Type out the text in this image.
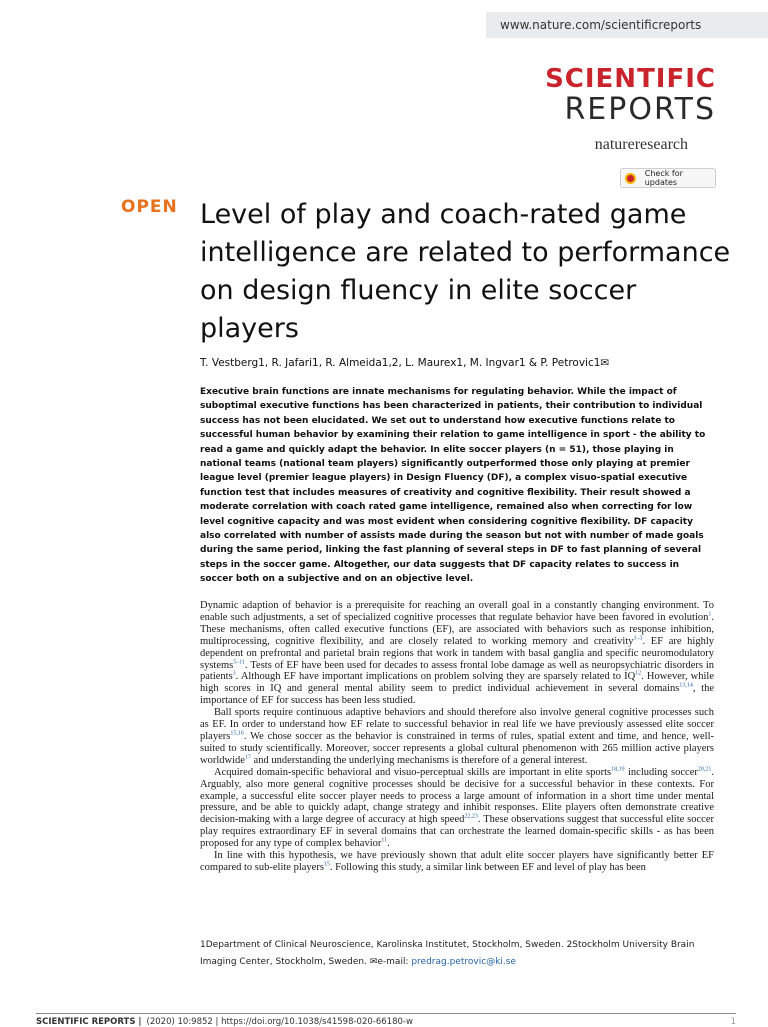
www.nature.com/scientificreports
SCIENTIFIC
REPORTS
natureresearch
Check for updates
OPEN Level of play and coach-rated game intelligence are related to performance on design fluency in elite soccer players
T. Vestberg1, R. Jafari1, R. Almeida1,2, L. Maurex1, M. Ingvar1 & P. Petrovic1✉

Executive brain functions are innate mechanisms for regulating behavior. While the impact of suboptimal executive functions has been characterized in patients, their contribution to individual success has not been elucidated. We set out to understand how executive functions relate to successful human behavior by examining their relation to game intelligence in sport - the ability to read a game and quickly adapt the behavior. In elite soccer players (n = 51), those playing in national teams (national team players) significantly outperformed those only playing at premier league level (premier league players) in Design Fluency (DF), a complex visuo-spatial executive function test that includes measures of creativity and cognitive flexibility. Their result showed a moderate correlation with coach rated game intelligence, remained also when correcting for low level cognitive capacity and was most evident when considering cognitive flexibility. DF capacity also correlated with number of assists made during the season but not with number of made goals during the same period, linking the fast planning of several steps in DF to fast planning of several steps in the soccer game. Altogether, our data suggests that DF capacity relates to success in soccer both on a subjective and on an objective level.

Dynamic adaption of behavior is a prerequisite for reaching an overall goal in a constantly changing environment. To enable such adjustments, a set of specialized cognitive processes that regulate behavior have been favored in evolution$^1$. These mechanisms, often called executive functions (EF), are associated with behaviors such as response inhibition, multiprocessing, cognitive flexibility, and are closely related to working memory and creativity$^{1-3}$. EF are highly dependent on prefrontal and parietal brain regions that work in tandem with basal ganglia and specific neuromodulatory systems$^{5-11}$. Tests of EF have been used for decades to assess frontal lobe damage as well as neuropsychiatric disorders in patients$^3$. Although EF have important implications on problem solving they are sparsely related to IQ$^{12}$. However, while high scores in IQ and general mental ability seem to predict individual achievement in several domains$^{13,14}$, the importance of EF for success has been less studied.

Ball sports require continuous adaptive behaviors and should therefore also involve general cognitive processes such as EF. In order to understand how EF relate to successful behavior in real life we have previously assessed elite soccer players$^{15,16}$. We chose soccer as the behavior is constrained in terms of rules, spatial extent and time, and hence, well-suited to study scientifically. Moreover, soccer represents a global cultural phenomenon with 265 million active players worldwide$^{17}$ and understanding the underlying mechanisms is therefore of a general interest.

Acquired domain-specific behavioral and visuo-perceptual skills are important in elite sports$^{18,19}$ including soccer$^{20,21}$. Arguably, also more general cognitive processes should be decisive for a successful behavior in these contexts. For example, a successful elite soccer player needs to process a large amount of information in a short time under mental pressure, and be able to quickly adapt, change strategy and inhibit responses. Elite players often demonstrate creative decision-making with a large degree of accuracy at high speed$^{22,23}$. These observations suggest that successful elite soccer play requires extraordinary EF in several domains that can orchestrate the learned domain-specific skills - as has been proposed for any type of complex behavior$^{11}$.

In line with this hypothesis, we have previously shown that adult elite soccer players have significantly better EF compared to sub-elite players$^{15}$. Following this study, a similar link between EF and level of play has been

1Department of Clinical Neuroscience, Karolinska Institutet, Stockholm, Sweden. 2Stockholm University Brain Imaging Center, Stockholm, Sweden. ✉e-mail: predrag.petrovic@ki.se
SCIENTIFIC REPORTS | (2020) 10:9852 | https://doi.org/10.1038/s41598-020-66180-w	1
